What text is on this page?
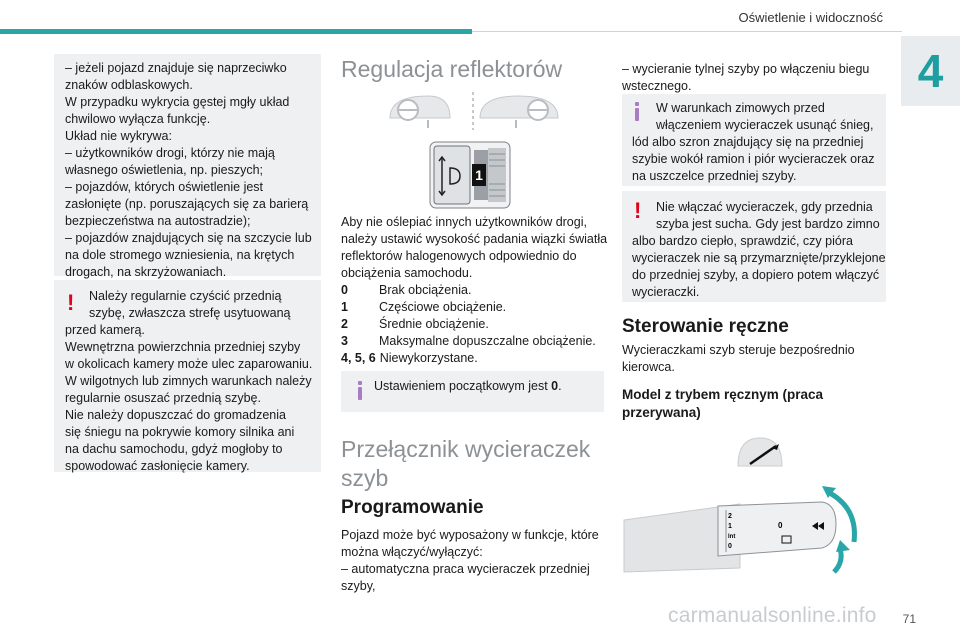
Oświetlenie i widoczność
4
– jeżeli pojazd znajduje się naprzeciwko
znaków odblaskowych.
W przypadku wykrycia gęstej mgły układ
chwilowo wyłącza funkcję.
Układ nie wykrywa:
– użytkowników drogi, którzy nie mają
własnego oświetlenia, np. pieszych;
– pojazdów, których oświetlenie jest
zasłonięte (np. poruszających się za barierą
bezpieczeństwa na autostradzie);
– pojazdów znajdujących się na szczycie lub
na dole stromego wzniesienia, na krętych
drogach, na skrzyżowaniach.
!	Należy regularnie czyścić przednią
szybę, zwłaszcza strefę usytuowaną
przed kamerą.
Wewnętrzna powierzchnia przedniej szyby
w okolicach kamery może ulec zaparowaniu.
W wilgotnych lub zimnych warunkach należy
regularnie osuszać przednią szybę.
Nie należy dopuszczać do gromadzenia
się śniegu na pokrywie komory silnika ani
na dachu samochodu, gdyż mogłoby to
spowodować zasłonięcie kamery.
Regulacja reflektorów
1
Aby nie oślepiać innych użytkowników drogi,
należy ustawić wysokość padania wiązki światła
reflektorów halogenowych odpowiednio do
obciążenia samochodu.
0	Brak obciążenia.
1	Częściowe obciążenie.
2	Średnie obciążenie.
3	Maksymalne dopuszczalne obciążenie.
4, 5, 6 Niewykorzystane.
Ustawieniem początkowym jest 0.
Przełącznik wycieraczek
szyb
Programowanie
Pojazd może być wyposażony w funkcje, które
można włączyć/wyłączyć:
– automatyczna praca wycieraczek przedniej
szyby,
– wycieranie tylnej szyby po włączeniu biegu
wstecznego.
W warunkach zimowych przed
włączeniem wycieraczek usunąć śnieg,
lód albo szron znajdujący się na przedniej
szybie wokół ramion i piór wycieraczek oraz
na uszczelce przedniej szyby.
!	Nie włączać wycieraczek, gdy przednia
szyba jest sucha. Gdy jest bardzo zimno
albo bardzo ciepło, sprawdzić, czy pióra
wycieraczek nie są przymarznięte/przyklejone
do przedniej szyby, a dopiero potem włączyć
wycieraczki.
Sterowanie ręczne
Wycieraczkami szyb steruje bezpośrednio
kierowca.
Model z trybem ręcznym (praca
przerywana)
2
1
Int
0
0
carmanualsonline.info 71
